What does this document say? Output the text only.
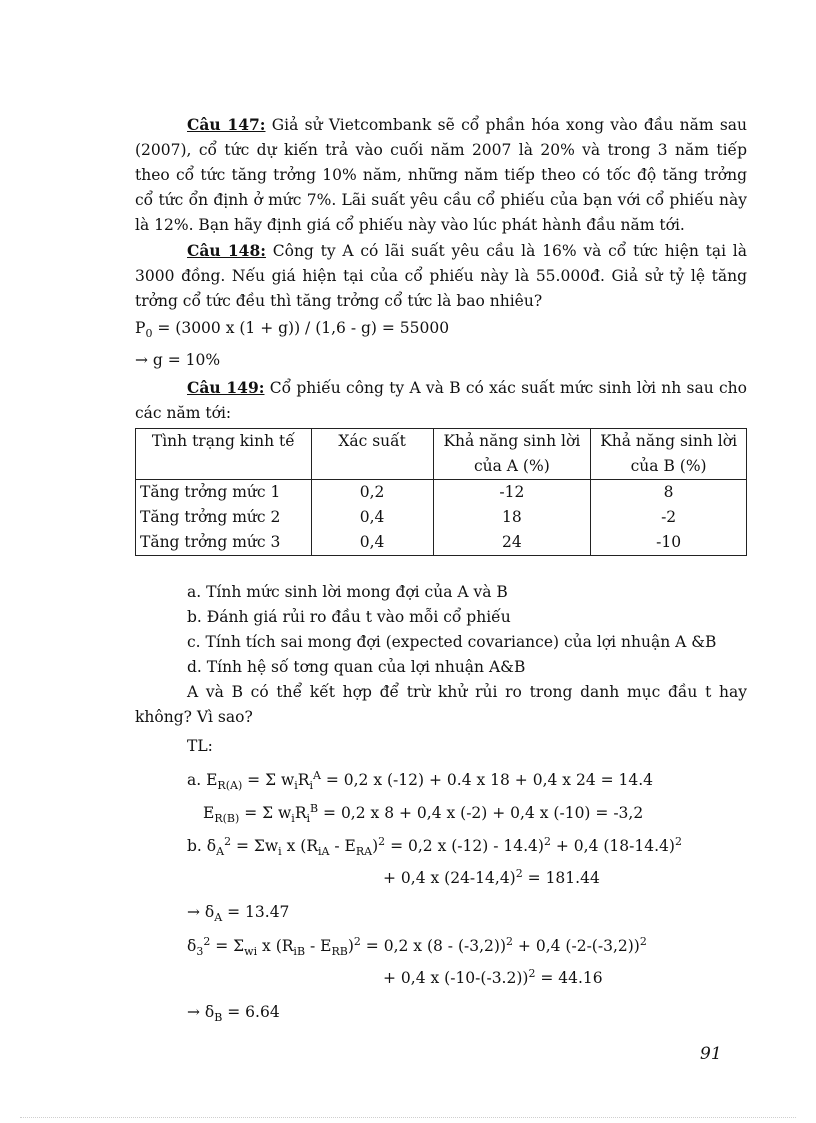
Câu 147: Giả sử Vietcombank sẽ cổ phần hóa xong vào đầu năm sau (2007), cổ tức dự kiến trả vào cuối năm 2007 là 20% và trong 3 năm tiếp theo cổ tức tăng trởng 10% năm, những năm tiếp theo có tốc độ tăng trởng cổ tức ổn định ở mức 7%. Lãi suất yêu cầu cổ phiếu của bạn với cổ phiếu này là 12%. Bạn hãy định giá cổ phiếu này vào lúc phát hành đầu năm tới.

Câu 148: Công ty A có lãi suất yêu cầu là 16% và cổ tức hiện tại là 3000 đồng. Nếu giá hiện tại của cổ phiếu này là 55.000đ. Giả sử tỷ lệ tăng trởng cổ tức đều thì tăng trởng cổ tức là bao nhiêu?

$P_0 = (3000$ x (1 + g)) / (1,6 - g) = 55000

→ g = 10%

Câu 149: Cổ phiếu công ty A và B có xác suất mức sinh lời nh sau cho các năm tới:

Tình trạng kinh tế	Xác suất	Khả năng sinh lời của A (%)	Khả năng sinh lời của B (%)
Tăng trởng mức 1	0,2	-12	8
Tăng trởng mức 2	0,4	18	-2
Tăng trởng mức 3	0,4	24	-10

a. Tính mức sinh lời mong đợi của A và B

b. Đánh giá rủi ro đầu t vào mỗi cổ phiếu

c. Tính tích sai mong đợi (expected covariance) của lợi nhuận A &B

d. Tính hệ số tơng quan của lợi nhuận A&B

A và B có thể kết hợp để trừ khử rủi ro trong danh mục đầu t hay không? Vì sao?

TL:

a. $E_{R(A)} = \Sigma$ $w_iR_i^A = 0,2$ x (-12) + 0.4 x 18 + 0,4 x 24 = 14.4

$E_{R(B)} = \Sigma$ $w_iR_i^B = 0,2$ x 8 + 0,4 x (-2) + 0,4 x (-10) = -3,2

b. $\delta_A^2 = \Sigma w_i$ x $(R_{iA} - E_{RA})^2 = 0,2$ x (-12) - 14.4)$^2$ + 0,4 $(18-14.4)^2$

+ 0,4 x $(24-14,4)^2 = 181.44$

→ $\delta_A = 13.47$

$\delta_3^2 = \Sigma_{wi}$ x $(R_{iB} - E_{RB})^2 = 0,2$ x (8 - (-3,2))$^2$ + 0,4 $(-2-(-3,2))^2$

+ 0,4 x $(-10-(-3.2))^2 = 44.16$

→ $\delta_B = 6.64$

91
